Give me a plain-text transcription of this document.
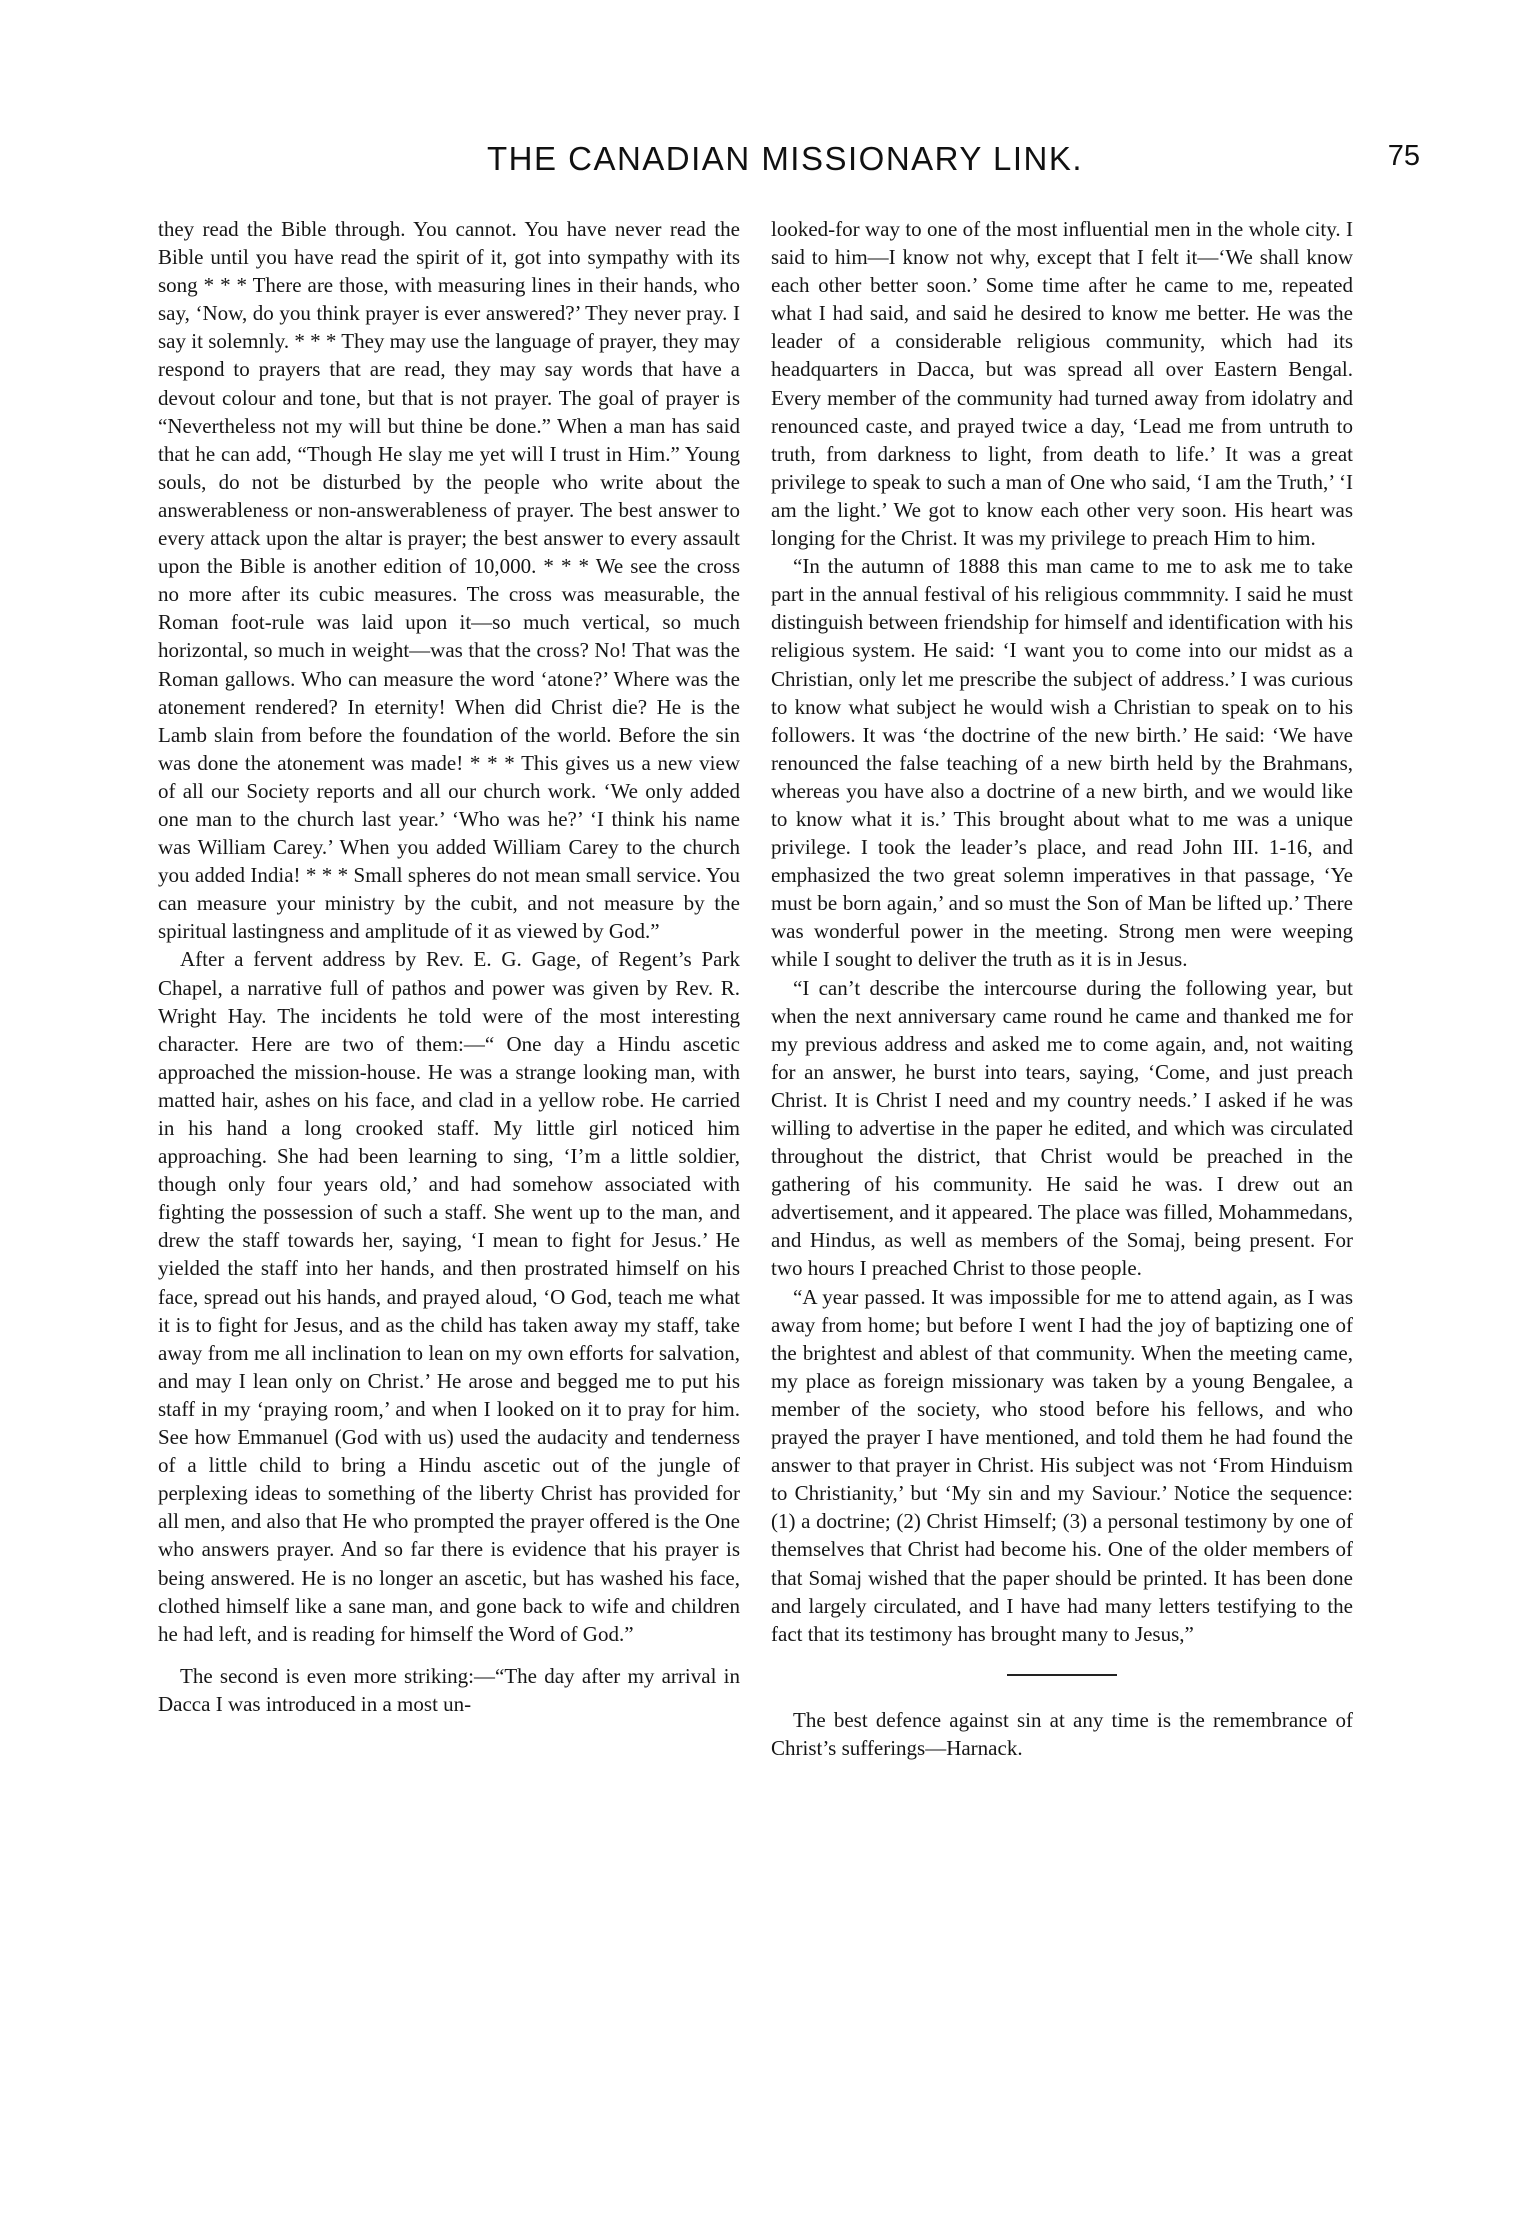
THE CANADIAN MISSIONARY LINK.	75

they read the Bible through. You cannot. You have never read the Bible until you have read the spirit of it, got into sympathy with its song * * * There are those, with measuring lines in their hands, who say, ‘Now, do you think prayer is ever answered?’ They never pray. I say it solemnly. * * * They may use the language of prayer, they may respond to prayers that are read, they may say words that have a devout colour and tone, but that is not prayer. The goal of prayer is “Nevertheless not my will but thine be done.” When a man has said that he can add, “Though He slay me yet will I trust in Him.” Young souls, do not be disturbed by the people who write about the answerableness or non-answerableness of prayer. The best answer to every attack upon the altar is prayer; the best answer to every assault upon the Bible is another edition of 10,000. * * * We see the cross no more after its cubic measures. The cross was measurable, the Roman foot-rule was laid upon it—so much vertical, so much horizontal, so much in weight—was that the cross? No! That was the Roman gallows. Who can measure the word ‘atone?’ Where was the atonement rendered? In eternity! When did Christ die? He is the Lamb slain from before the foundation of the world. Before the sin was done the atonement was made! * * * This gives us a new view of all our Society reports and all our church work. ‘We only added one man to the church last year.’ ‘Who was he?’ ‘I think his name was William Carey.’ When you added William Carey to the church you added India! * * * Small spheres do not mean small service. You can measure your ministry by the cubit, and not measure by the spiritual lastingness and amplitude of it as viewed by God.”

After a fervent address by Rev. E. G. Gage, of Regent’s Park Chapel, a narrative full of pathos and power was given by Rev. R. Wright Hay. The incidents he told were of the most interesting character. Here are two of them:—“ One day a Hindu ascetic approached the mission-house. He was a strange looking man, with matted hair, ashes on his face, and clad in a yellow robe. He carried in his hand a long crooked staff. My little girl noticed him approaching. She had been learning to sing, ‘I’m a little soldier, though only four years old,’ and had somehow associated with fighting the possession of such a staff. She went up to the man, and drew the staff towards her, saying, ‘I mean to fight for Jesus.’ He yielded the staff into her hands, and then prostrated himself on his face, spread out his hands, and prayed aloud, ‘O God, teach me what it is to fight for Jesus, and as the child has taken away my staff, take away from me all inclination to lean on my own efforts for salvation, and may I lean only on Christ.’ He arose and begged me to put his staff in my ‘praying room,’ and when I looked on it to pray for him. See how Emmanuel (God with us) used the audacity and tenderness of a little child to bring a Hindu ascetic out of the jungle of perplexing ideas to something of the liberty Christ has provided for all men, and also that He who prompted the prayer offered is the One who answers prayer. And so far there is evidence that his prayer is being answered. He is no longer an ascetic, but has washed his face, clothed himself like a sane man, and gone back to wife and children he had left, and is reading for himself the Word of God.”

The second is even more striking:—“The day after my arrival in Dacca I was introduced in a most un-

looked-for way to one of the most influential men in the whole city. I said to him—I know not why, except that I felt it—‘We shall know each other better soon.’ Some time after he came to me, repeated what I had said, and said he desired to know me better. He was the leader of a considerable religious community, which had its headquarters in Dacca, but was spread all over Eastern Bengal. Every member of the community had turned away from idolatry and renounced caste, and prayed twice a day, ‘Lead me from untruth to truth, from darkness to light, from death to life.’ It was a great privilege to speak to such a man of One who said, ‘I am the Truth,’ ‘I am the light.’ We got to know each other very soon. His heart was longing for the Christ. It was my privilege to preach Him to him.

“In the autumn of 1888 this man came to me to ask me to take part in the annual festival of his religious commmnity. I said he must distinguish between friendship for himself and identification with his religious system. He said: ‘I want you to come into our midst as a Christian, only let me prescribe the subject of address.’ I was curious to know what subject he would wish a Christian to speak on to his followers. It was ‘the doctrine of the new birth.’ He said: ‘We have renounced the false teaching of a new birth held by the Brahmans, whereas you have also a doctrine of a new birth, and we would like to know what it is.’ This brought about what to me was a unique privilege. I took the leader’s place, and read John III. 1-16, and emphasized the two great solemn imperatives in that passage, ‘Ye must be born again,’ and so must the Son of Man be lifted up.’ There was wonderful power in the meeting. Strong men were weeping while I sought to deliver the truth as it is in Jesus.

“I can’t describe the intercourse during the following year, but when the next anniversary came round he came and thanked me for my previous address and asked me to come again, and, not waiting for an answer, he burst into tears, saying, ‘Come, and just preach Christ. It is Christ I need and my country needs.’ I asked if he was willing to advertise in the paper he edited, and which was circulated throughout the district, that Christ would be preached in the gathering of his community. He said he was. I drew out an advertisement, and it appeared. The place was filled, Mohammedans, and Hindus, as well as members of the Somaj, being present. For two hours I preached Christ to those people.

“A year passed. It was impossible for me to attend again, as I was away from home; but before I went I had the joy of baptizing one of the brightest and ablest of that community. When the meeting came, my place as foreign missionary was taken by a young Bengalee, a member of the society, who stood before his fellows, and who prayed the prayer I have mentioned, and told them he had found the answer to that prayer in Christ. His subject was not ‘From Hinduism to Christianity,’ but ‘My sin and my Saviour.’ Notice the sequence: (1) a doctrine; (2) Christ Himself; (3) a personal testimony by one of themselves that Christ had become his. One of the older members of that Somaj wished that the paper should be printed. It has been done and largely circulated, and I have had many letters testifying to the fact that its testimony has brought many to Jesus,”

The best defence against sin at any time is the remembrance of Christ’s sufferings—Harnack.
